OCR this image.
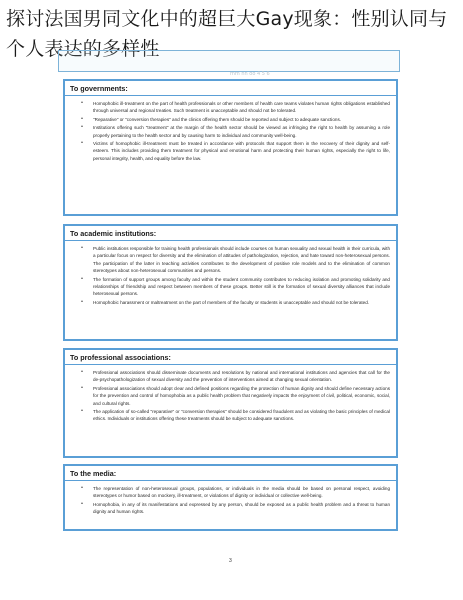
探讨法国男同文化中的超巨大Gay现象：性别认同与个人表达的多样性
mm nn oo 4 5 6
To governments:
•	Homophobic ill-treatment on the part of health professionals or other members of health care teams violates human rights obligations established through universal and regional treaties. Such treatment is unacceptable and should not be tolerated.
•	"Reparative" or "conversion therapies" and the clinics offering them should be reported and subject to adequate sanctions.
•	Institutions offering such "treatment" at the margin of the health sector should be viewed as infringing the right to health by assuming a role properly pertaining to the health sector and by causing harm to individual and community well-being.
•	Victims of homophobic ill-treatment must be treated in accordance with protocols that support them in the recovery of their dignity and self-esteem. This includes providing them treatment for physical and emotional harm and protecting their human rights, especially the right to life, personal integrity, health, and equality before the law.
To academic institutions:
•	Public institutions responsible for training health professionals should include courses on human sexuality and sexual health in their curricula, with a particular focus on respect for diversity and the elimination of attitudes of pathologization, rejection, and hate toward non-heterosexual persons. The participation of the latter in teaching activities contributes to the development of positive role models and to the elimination of common stereotypes about non-heterosexual communities and persons.
•	The formation of support groups among faculty and within the student community contributes to reducing isolation and promoting solidarity and relationships of friendship and respect between members of these groups. Better still is the formation of sexual diversity alliances that include heterosexual persons.
•	Homophobic harassment or maltreatment on the part of members of the faculty or students is unacceptable and should not be tolerated.
To professional associations:
•	Professional associations should disseminate documents and resolutions by national and international institutions and agencies that call for the de-psychopathologization of sexual diversity and the prevention of interventions aimed at changing sexual orientation.
•	Professional associations should adopt clear and defined positions regarding the protection of human dignity and should define necessary actions for the prevention and control of homophobia as a public health problem that negatively impacts the enjoyment of civil, political, economic, social, and cultural rights.
•	The application of so-called "reparative" or "conversion therapies" should be considered fraudulent and as violating the basic principles of medical ethics. Individuals or institutions offering these treatments should be subject to adequate sanctions.
To the media:
•	The representation of non-heterosexual groups, populations, or individuals in the media should be based on personal respect, avoiding stereotypes or humor based on mockery, ill-treatment, or violations of dignity or individual or collective well-being.
•	Homophobia, in any of its manifestations and expressed by any person, should be exposed as a public health problem and a threat to human dignity and human rights.
3
